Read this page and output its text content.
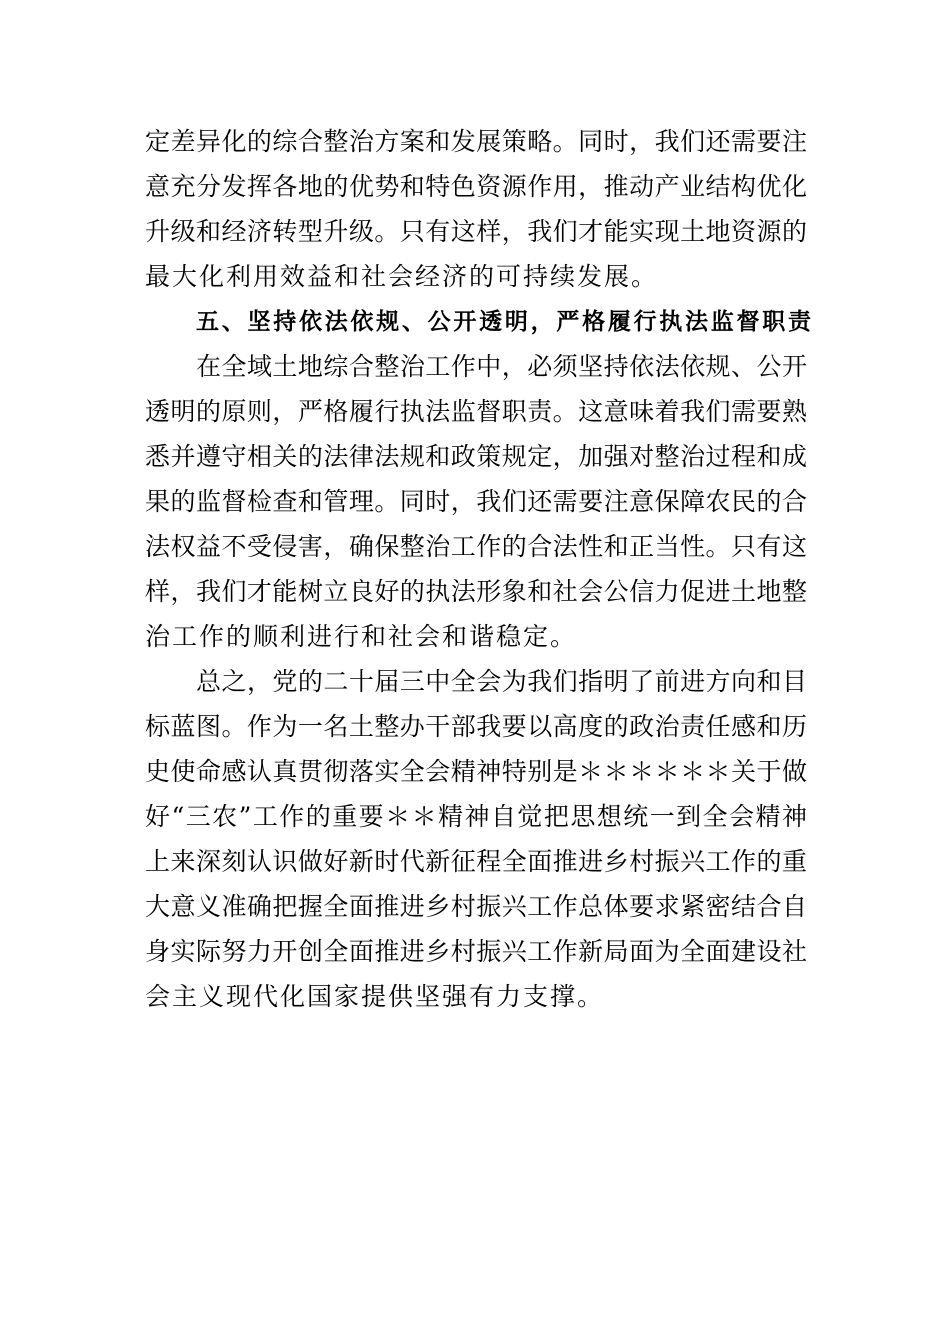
定差异化的综合整治方案和发展策略。同时，我们还需要注
意充分发挥各地的优势和特色资源作用，推动产业结构优化
升级和经济转型升级。只有这样，我们才能实现土地资源的
最大化利用效益和社会经济的可持续发展。
五、坚持依法依规、公开透明，严格履行执法监督职责
在全域土地综合整治工作中，必须坚持依法依规、公开
透明的原则，严格履行执法监督职责。这意味着我们需要熟
悉并遵守相关的法律法规和政策规定，加强对整治过程和成
果的监督检查和管理。同时，我们还需要注意保障农民的合
法权益不受侵害，确保整治工作的合法性和正当性。只有这
样，我们才能树立良好的执法形象和社会公信力促进土地整
治工作的顺利进行和社会和谐稳定。
总之，党的二十届三中全会为我们指明了前进方向和目
标蓝图。作为一名土整办干部我要以高度的政治责任感和历
史使命感认真贯彻落实全会精神特别是＊＊＊＊＊＊关于做
好“三农”工作的重要＊＊精神自觉把思想统一到全会精神
上来深刻认识做好新时代新征程全面推进乡村振兴工作的重
大意义准确把握全面推进乡村振兴工作总体要求紧密结合自
身实际努力开创全面推进乡村振兴工作新局面为全面建设社
会主义现代化国家提供坚强有力支撑。
